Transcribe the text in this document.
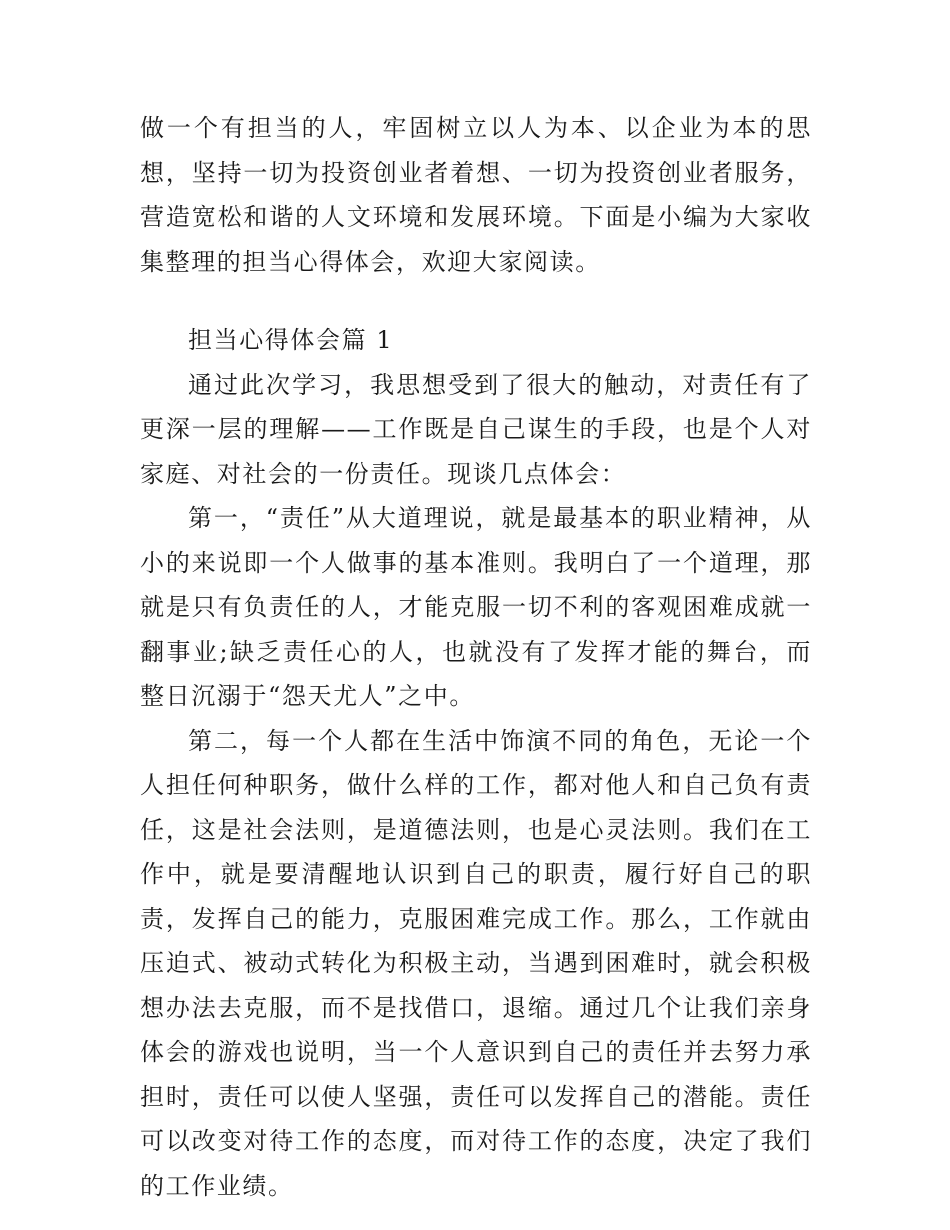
做一个有担当的人，牢固树立以人为本、以企业为本的思想，坚持一切为投资创业者着想、一切为投资创业者服务，营造宽松和谐的人文环境和发展环境。下面是小编为大家收集整理的担当心得体会，欢迎大家阅读。

担当心得体会篇 1

通过此次学习，我思想受到了很大的触动，对责任有了更深一层的理解——工作既是自己谋生的手段，也是个人对家庭、对社会的一份责任。现谈几点体会：

第一，“责任”从大道理说，就是最基本的职业精神，从小的来说即一个人做事的基本准则。我明白了一个道理，那就是只有负责任的人，才能克服一切不利的客观困难成就一翻事业;缺乏责任心的人，也就没有了发挥才能的舞台，而整日沉溺于“怨天尤人”之中。

第二，每一个人都在生活中饰演不同的角色，无论一个人担任何种职务，做什么样的工作，都对他人和自己负有责任，这是社会法则，是道德法则，也是心灵法则。我们在工作中，就是要清醒地认识到自己的职责，履行好自己的职责，发挥自己的能力，克服困难完成工作。那么，工作就由压迫式、被动式转化为积极主动，当遇到困难时，就会积极想办法去克服，而不是找借口，退缩。通过几个让我们亲身体会的游戏也说明，当一个人意识到自己的责任并去努力承担时，责任可以使人坚强，责任可以发挥自己的潜能。责任可以改变对待工作的态度，而对待工作的态度，决定了我们的工作业绩。
